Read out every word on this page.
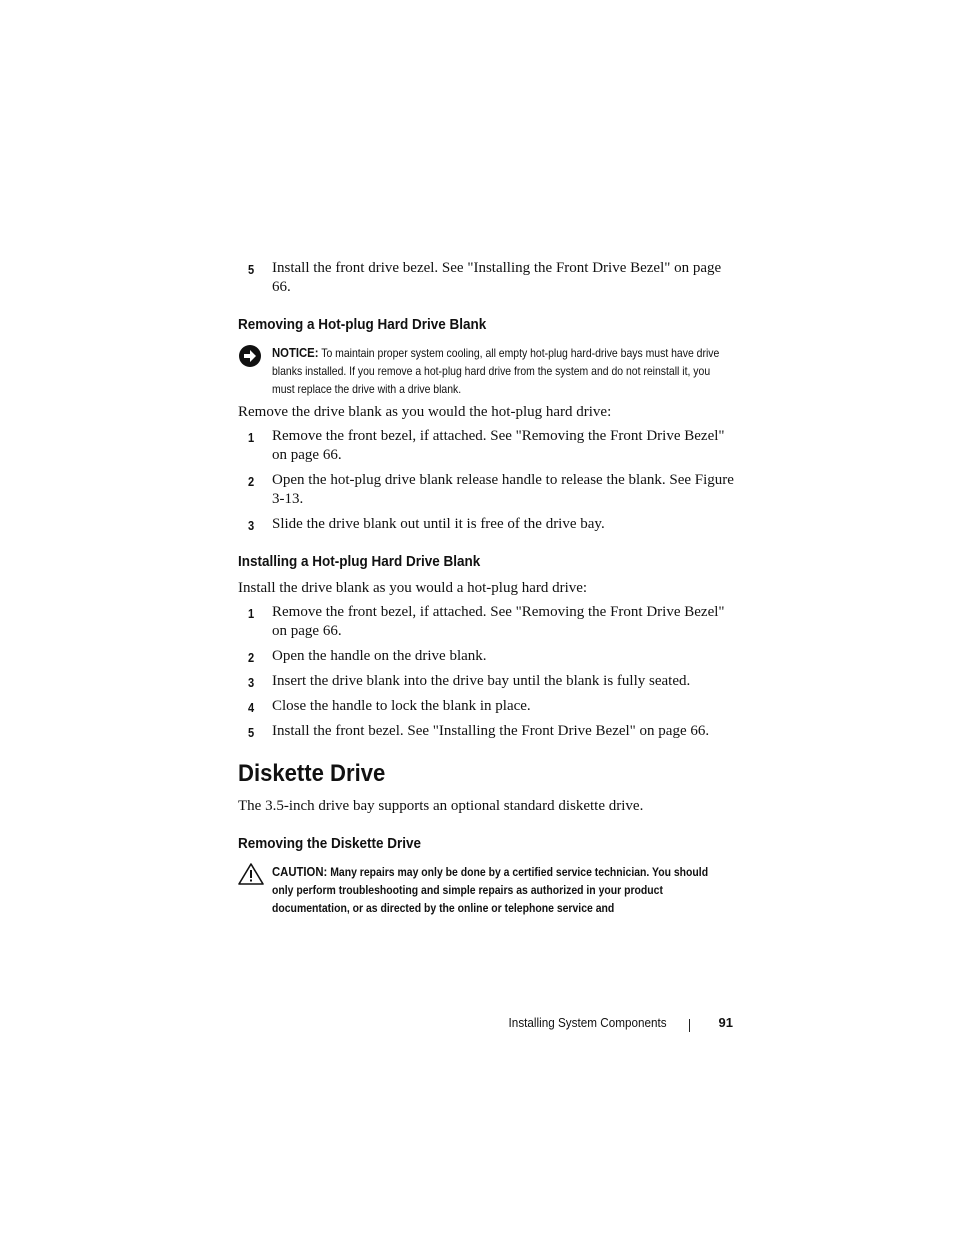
5 Install the front drive bezel. See "Installing the Front Drive Bezel" on page 66.
Removing a Hot-plug Hard Drive Blank
NOTICE: To maintain proper system cooling, all empty hot-plug hard-drive bays must have drive blanks installed. If you remove a hot-plug hard drive from the system and do not reinstall it, you must replace the drive with a drive blank.
Remove the drive blank as you would the hot-plug hard drive:
1 Remove the front bezel, if attached. See "Removing the Front Drive Bezel" on page 66.
2 Open the hot-plug drive blank release handle to release the blank. See Figure 3-13.
3 Slide the drive blank out until it is free of the drive bay.
Installing a Hot-plug Hard Drive Blank
Install the drive blank as you would a hot-plug hard drive:
1 Remove the front bezel, if attached. See "Removing the Front Drive Bezel" on page 66.
2 Open the handle on the drive blank.
3 Insert the drive blank into the drive bay until the blank is fully seated.
4 Close the handle to lock the blank in place.
5 Install the front bezel. See "Installing the Front Drive Bezel" on page 66.
Diskette Drive
The 3.5-inch drive bay supports an optional standard diskette drive.
Removing the Diskette Drive
CAUTION: Many repairs may only be done by a certified service technician. You should only perform troubleshooting and simple repairs as authorized in your product documentation, or as directed by the online or telephone service and
Installing System Components	91
